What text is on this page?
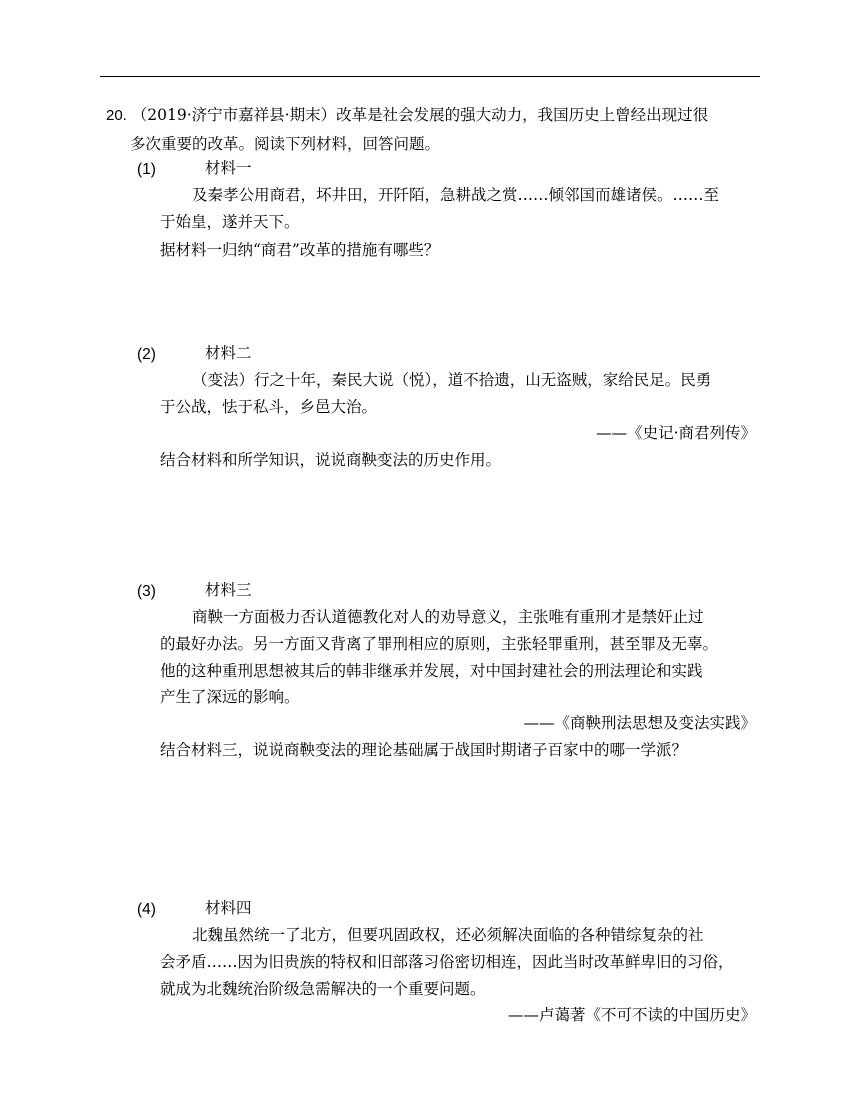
20. （2019·济宁市嘉祥县·期末）改革是社会发展的强大动力，我国历史上曾经出现过很
多次重要的改革。阅读下列材料，回答问题。
(1)	材料一
及秦孝公用商君，坏井田，开阡陌，急耕战之赏……倾邻国而雄诸侯。……至
于始皇，遂并天下。
据材料一归纳“商君”改革的措施有哪些？
(2)	材料二
（变法）行之十年，秦民大说（悦），道不拾遗，山无盗贼，家给民足。民勇
于公战，怯于私斗，乡邑大治。
——《史记·商君列传》
结合材料和所学知识，说说商鞅变法的历史作用。
(3)	材料三
商鞅一方面极力否认道德教化对人的劝导意义，主张唯有重刑才是禁奸止过
的最好办法。另一方面又背离了罪刑相应的原则，主张轻罪重刑，甚至罪及无辜。
他的这种重刑思想被其后的韩非继承并发展，对中国封建社会的刑法理论和实践
产生了深远的影响。
——《商鞅刑法思想及变法实践》
结合材料三，说说商鞅变法的理论基础属于战国时期诸子百家中的哪一学派？
(4)	材料四
北魏虽然统一了北方，但要巩固政权，还必须解决面临的各种错综复杂的社
会矛盾……因为旧贵族的特权和旧部落习俗密切相连，因此当时改革鲜卑旧的习俗，
就成为北魏统治阶级急需解决的一个重要问题。
——卢蔼著《不可不读的中国历史》
